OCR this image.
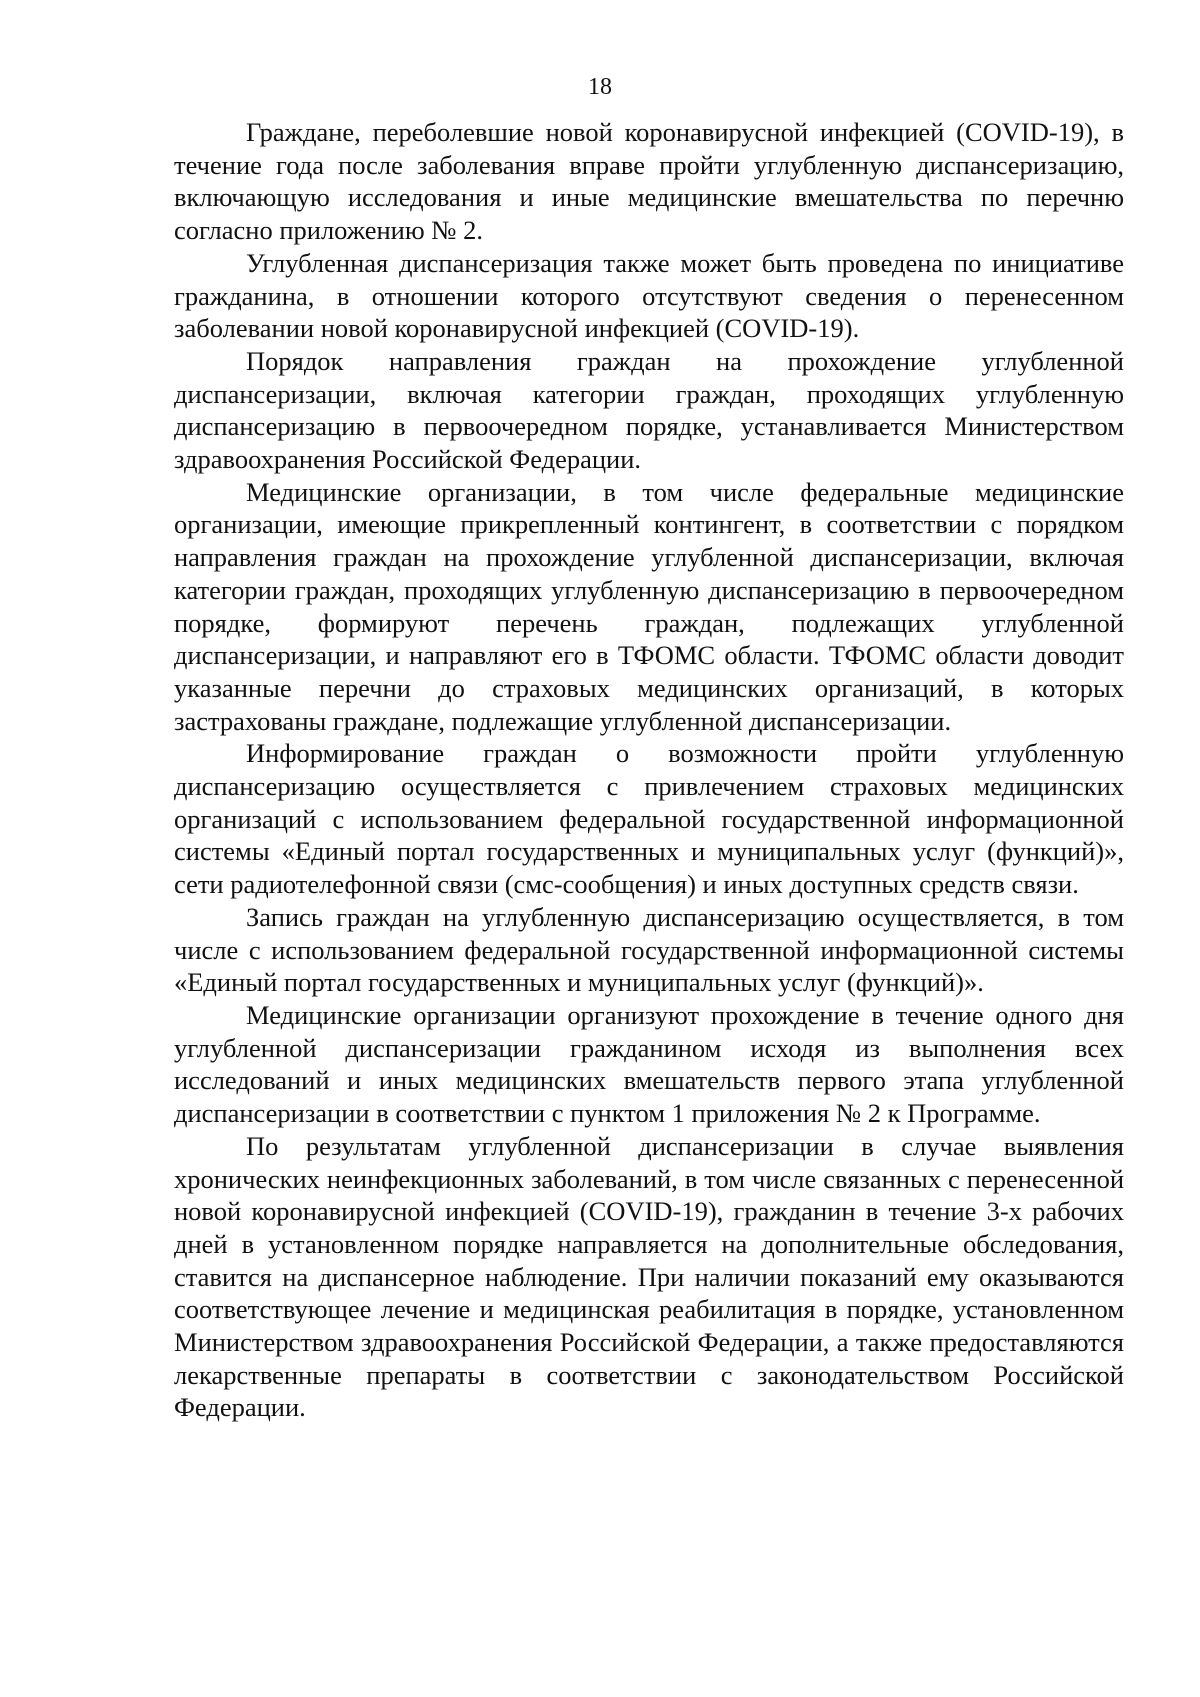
18

Граждане, переболевшие новой коронавирусной инфекцией (COVID-19), в течение года после заболевания вправе пройти углубленную диспансеризацию, включающую исследования и иные медицинские вмешательства по перечню согласно приложению № 2.

Углубленная диспансеризация также может быть проведена по инициативе гражданина, в отношении которого отсутствуют сведения о перенесенном заболевании новой коронавирусной инфекцией (COVID-19).

Порядок направления граждан на прохождение углубленной диспансеризации, включая категории граждан, проходящих углубленную диспансеризацию в первоочередном порядке, устанавливается Министерством здравоохранения Российской Федерации.

Медицинские организации, в том числе федеральные медицинские организации, имеющие прикрепленный контингент, в соответствии с порядком направления граждан на прохождение углубленной диспансеризации, включая категории граждан, проходящих углубленную диспансеризацию в первоочередном порядке, формируют перечень граждан, подлежащих углубленной диспансеризации, и направляют его в ТФОМС области. ТФОМС области доводит указанные перечни до страховых медицинских организаций, в которых застрахованы граждане, подлежащие углубленной диспансеризации.

Информирование граждан о возможности пройти углубленную диспансеризацию осуществляется с привлечением страховых медицинских организаций с использованием федеральной государственной информационной системы «Единый портал государственных и муниципальных услуг (функций)», сети радиотелефонной связи (смс-сообщения) и иных доступных средств связи.

Запись граждан на углубленную диспансеризацию осуществляется, в том числе с использованием федеральной государственной информационной системы «Единый портал государственных и муниципальных услуг (функций)».

Медицинские организации организуют прохождение в течение одного дня углубленной диспансеризации гражданином исходя из выполнения всех исследований и иных медицинских вмешательств первого этапа углубленной диспансеризации в соответствии с пунктом 1 приложения № 2 к Программе.

По результатам углубленной диспансеризации в случае выявления хронических неинфекционных заболеваний, в том числе связанных с перенесенной новой коронавирусной инфекцией (COVID-19), гражданин в течение 3-х рабочих дней в установленном порядке направляется на дополнительные обследования, ставится на диспансерное наблюдение. При наличии показаний ему оказываются соответствующее лечение и медицинская реабилитация в порядке, установленном Министерством здравоохранения Российской Федерации, а также предоставляются лекарственные препараты в соответствии с законодательством Российской Федерации.
